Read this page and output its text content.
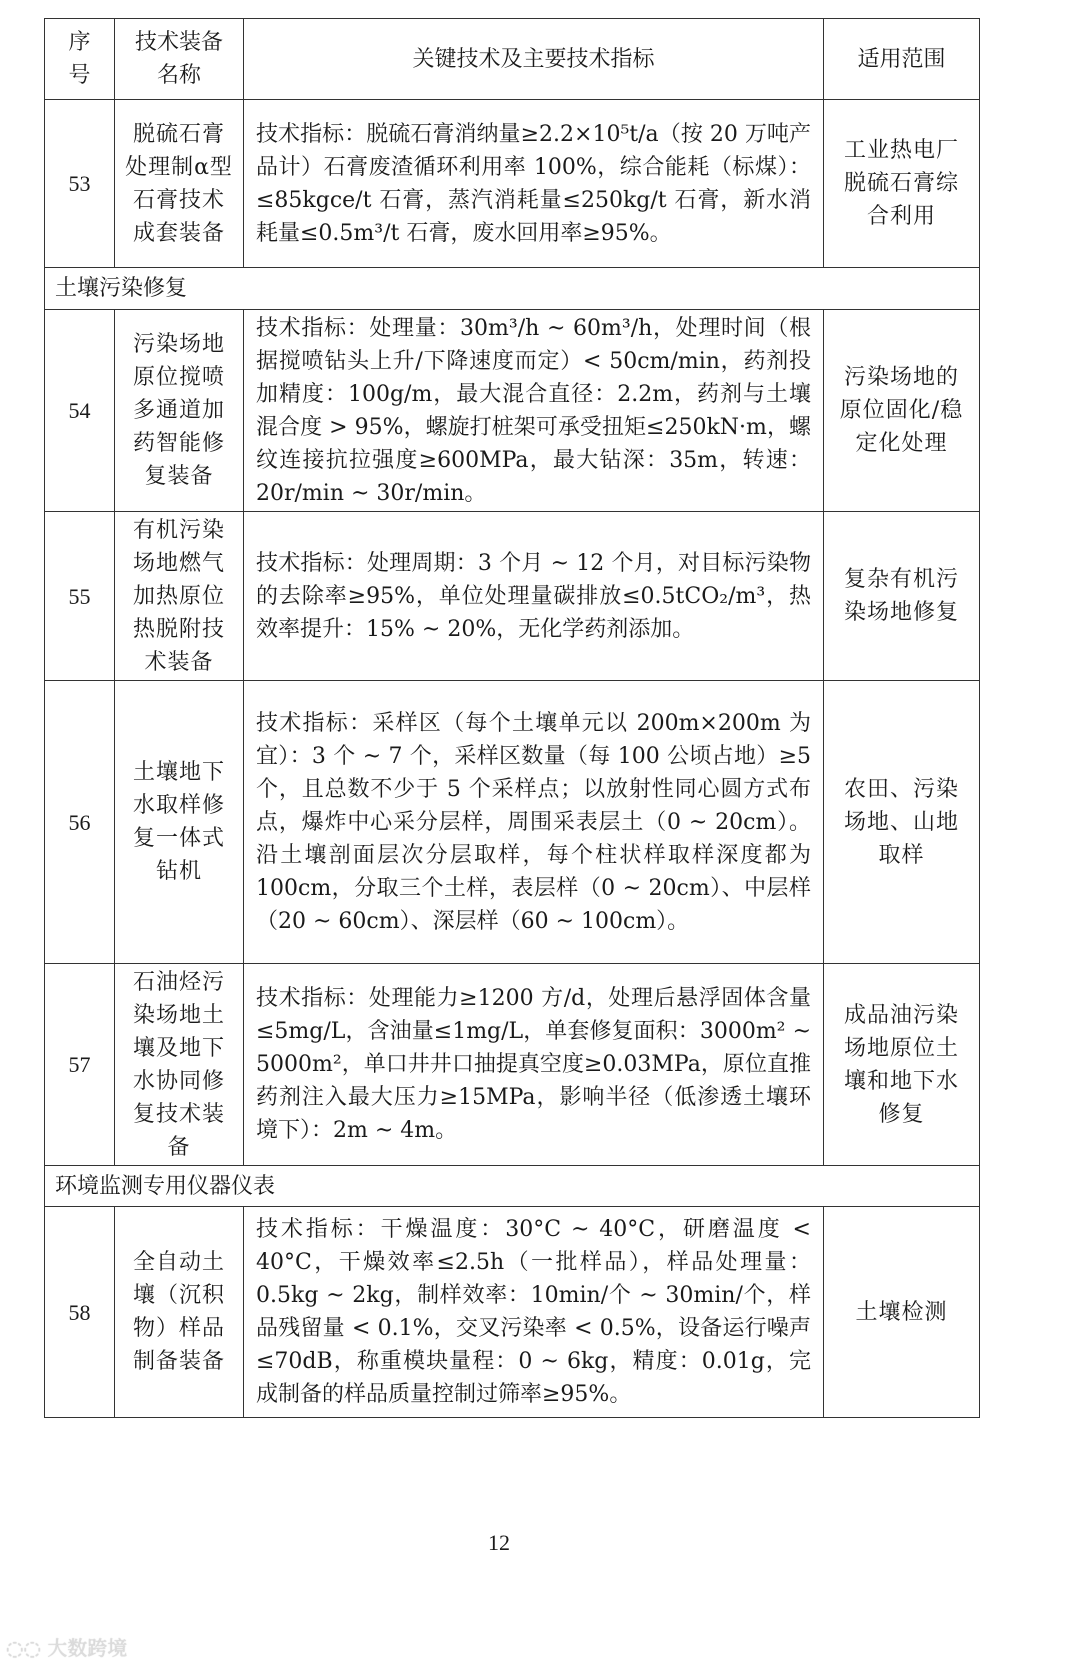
序号	技术装备名称	关键技术及主要技术指标	适用范围
53	脱硫石膏处理制α型石膏技术成套装备	技术指标：脱硫石膏消纳量≥2.2×10⁵t/a（按 20 万吨产品计）石膏废渣循环利用率 100%，综合能耗（标煤）：≤85kgce/t 石膏，蒸汽消耗量≤250kg/t 石膏，新水消耗量≤0.5m³/t 石膏，废水回用率≥95%。	工业热电厂脱硫石膏综合利用
土壤污染修复			
54	污染场地原位搅喷多通道加药智能修复装备	技术指标：处理量：30m³/h ~ 60m³/h，处理时间（根据搅喷钻头上升/下降速度而定）< 50cm/min，药剂投加精度：100g/m，最大混合直径：2.2m，药剂与土壤混合度 > 95%，螺旋打桩架可承受扭矩≤250kN·m，螺纹连接抗拉强度≥600MPa，最大钻深：35m，转速：20r/min ~ 30r/min。	污染场地的原位固化/稳定化处理
55	有机污染场地燃气加热原位热脱附技术装备	技术指标：处理周期：3 个月 ~ 12 个月，对目标污染物的去除率≥95%，单位处理量碳排放≤0.5tCO₂/m³，热效率提升：15% ~ 20%，无化学药剂添加。	复杂有机污染场地修复
56	土壤地下水取样修复一体式钻机	技术指标：采样区（每个土壤单元以 200m×200m 为宜）：3 个 ~ 7 个，采样区数量（每 100 公顷占地）≥5 个，且总数不少于 5 个采样点；以放射性同心圆方式布点，爆炸中心采分层样，周围采表层土（0 ~ 20cm）。沿土壤剖面层次分层取样，每个柱状样取样深度都为 100cm，分取三个土样，表层样（0 ~ 20cm）、中层样（20 ~ 60cm）、深层样（60 ~ 100cm）。	农田、污染场地、山地取样
57	石油烃污染场地土壤及地下水协同修复技术装备	技术指标：处理能力≥1200 方/d，处理后悬浮固体含量≤5mg/L，含油量≤1mg/L，单套修复面积：3000m² ~ 5000m²，单口井井口抽提真空度≥0.03MPa，原位直推药剂注入最大压力≥15MPa，影响半径（低渗透土壤环境下）：2m ~ 4m。	成品油污染场地原位土壤和地下水修复
环境监测专用仪器仪表			
58	全自动土壤（沉积物）样品制备装备	技术指标：干燥温度：30°C ~ 40°C，研磨温度 < 40°C，干燥效率≤2.5h（一批样品），样品处理量：0.5kg ~ 2kg，制样效率：10min/个 ~ 30min/个，样品残留量 < 0.1%，交叉污染率 < 0.5%，设备运行噪声≤70dB，称重模块量程：0 ~ 6kg，精度：0.01g，完成制备的样品质量控制过筛率≥95%。	土壤检测
12
◌◌ 大数跨境
